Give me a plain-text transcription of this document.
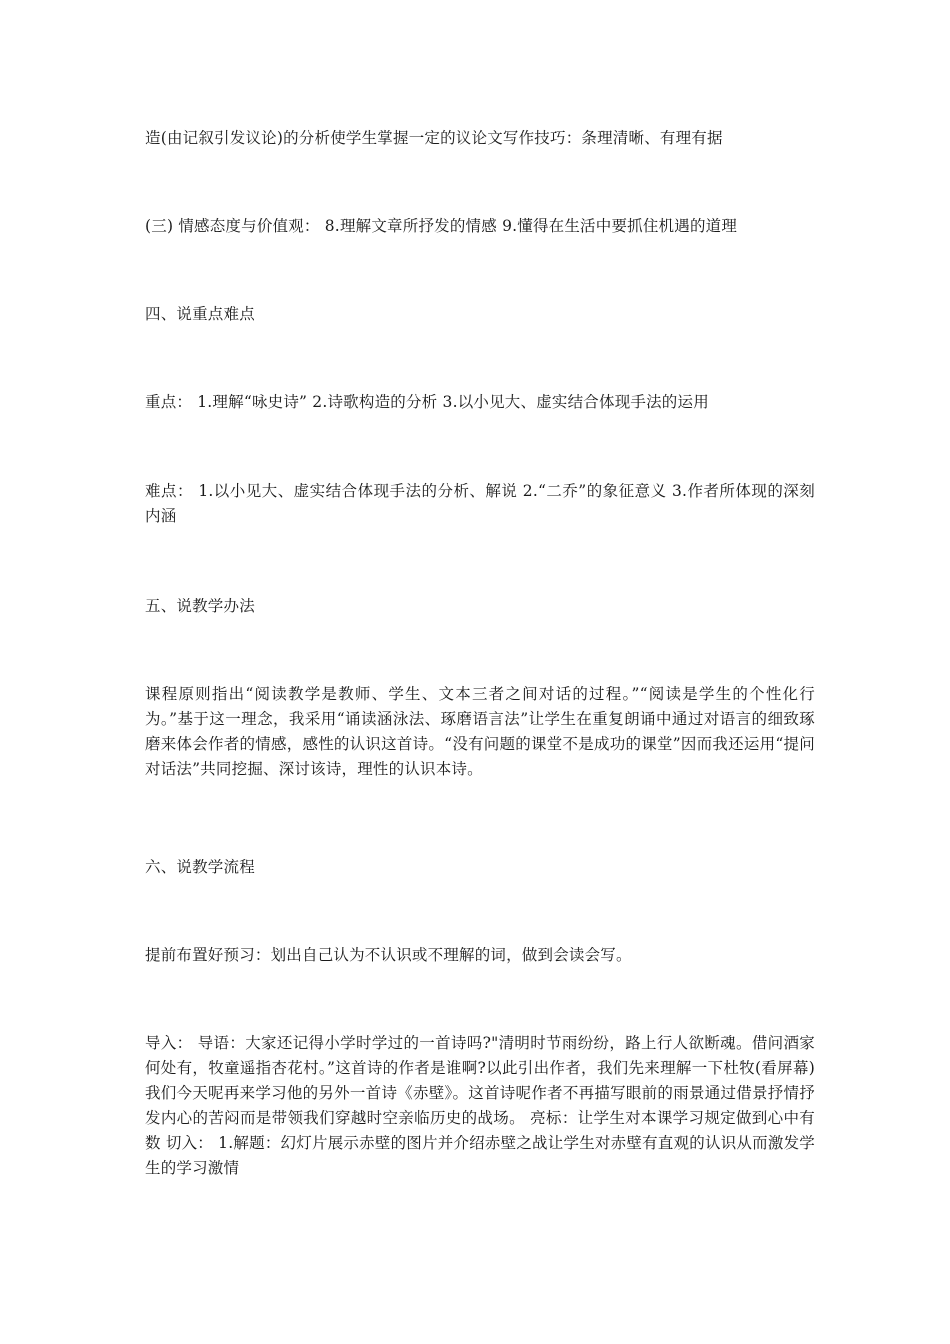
造(由记叙引发议论)的分析使学生掌握一定的议论文写作技巧：条理清晰、有理有据

(三) 情感态度与价值观： 8.理解文章所抒发的情感 9.懂得在生活中要抓住机遇的道理

四、说重点难点

重点： 1.理解“咏史诗” 2.诗歌构造的分析 3.以小见大、虚实结合体现手法的运用

难点： 1.以小见大、虚实结合体现手法的分析、解说 2.“二乔”的象征意义 3.作者所体现的深刻内涵

五、说教学办法

课程原则指出“阅读教学是教师、学生、文本三者之间对话的过程。”“阅读是学生的个性化行为。”基于这一理念，我采用“诵读涵泳法、琢磨语言法”让学生在重复朗诵中通过对语言的细致琢磨来体会作者的情感，感性的认识这首诗。“没有问题的课堂不是成功的课堂”因而我还运用“提问对话法”共同挖掘、深讨该诗，理性的认识本诗。

六、说教学流程

提前布置好预习：划出自己认为不认识或不理解的词，做到会读会写。

导入： 导语：大家还记得小学时学过的一首诗吗?"清明时节雨纷纷，路上行人欲断魂。借问酒家何处有，牧童遥指杏花村。”这首诗的作者是谁啊?以此引出作者，我们先来理解一下杜牧(看屏幕)我们今天呢再来学习他的另外一首诗《赤壁》。这首诗呢作者不再描写眼前的雨景通过借景抒情抒发内心的苦闷而是带领我们穿越时空亲临历史的战场。 亮标：让学生对本课学习规定做到心中有数 切入： 1.解题：幻灯片展示赤壁的图片并介绍赤壁之战让学生对赤壁有直观的认识从而激发学生的学习激情
